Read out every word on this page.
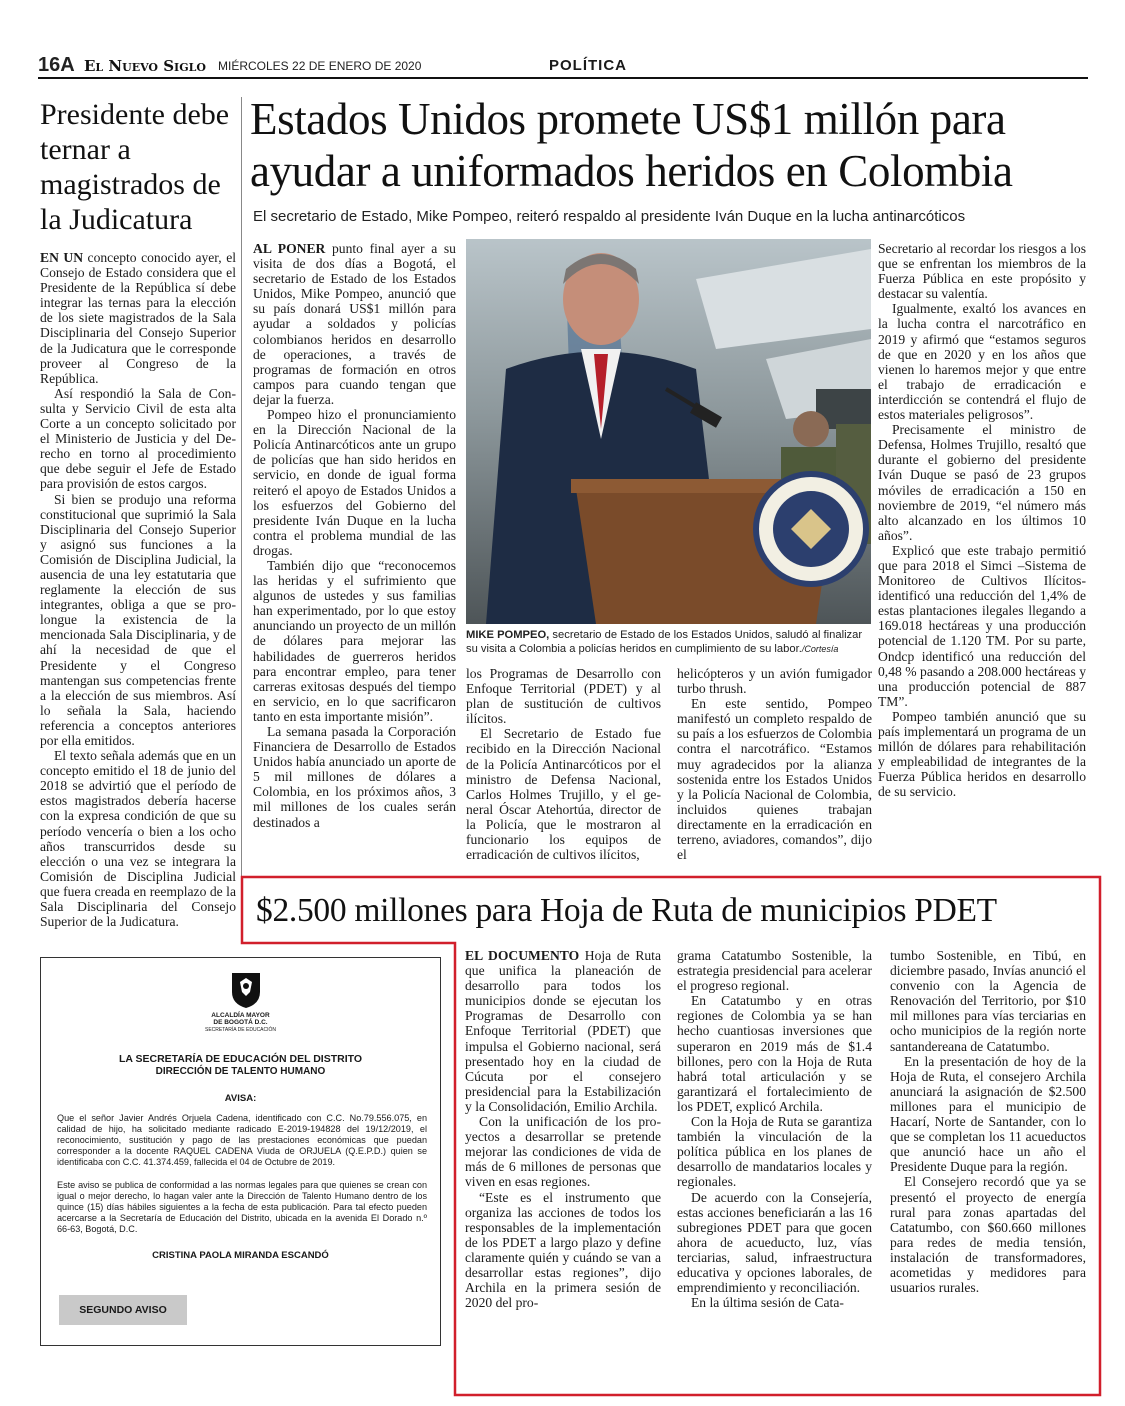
16A El Nuevo Siglo MIÉRCOLES 22 DE ENERO DE 2020	POLÍTICA
Presidente debe ternar a magistrados de la Judicatura

EN UN concepto conocido ayer, el Consejo de Estado considera que el Presidente de la República sí debe integrar las ternas para la elección de los siete magistrados de la Sala Disciplinaria del Consejo Superior de la Judicatura que le corresponde proveer al Congreso de la República.

Así respondió la Sala de Consulta y Servicio Civil de esta alta Corte a un concepto solicitado por el Ministerio de Justicia y del Derecho en torno al procedimiento que debe seguir el Jefe de Estado para provisión de estos cargos.

Si bien se produjo una reforma constitucional que suprimió la Sala Disciplinaria del Consejo Superior y asignó sus funciones a la Comisión de Disciplina Judicial, la ausencia de una ley estatutaria que reglamente la elección de sus integrantes, obliga a que se prolongue la existencia de la mencionada Sala Disciplinaria, y de ahí la necesidad de que el Presidente y el Congreso mantengan sus competencias frente a la elección de sus miembros. Así lo señala la Sala, haciendo referencia a conceptos anteriores por ella emitidos.

El texto señala además que en un concepto emitido el 18 de junio del 2018 se advirtió que el período de estos magistrados debería hacerse con la expresa condición de que su período vencería o bien a los ocho años transcurridos desde su elección o una vez se integrara la Comisión de Disciplina Judicial que fuera creada en reemplazo de la Sala Disciplinaria del Consejo Superior de la Judicatura.

Estados Unidos promete US$1 millón para
ayudar a uniformados heridos en Colombia
El secretario de Estado, Mike Pompeo, reiteró respaldo al presidente Iván Duque en la lucha antinarcóticos

AL PONER punto final ayer a su visita de dos días a Bogotá, el secretario de Estado de los Estados Unidos, Mike Pompeo, anunció que su país donará US$1 millón para ayudar a soldados y policías colombianos heridos en desarrollo de operaciones, a través de programas de formación en otros campos para cuando tengan que dejar la fuerza.

Pompeo hizo el pronunciamiento en la Dirección Nacional de la Policía Antinarcóticos ante un grupo de policías que han sido heridos en servicio, en donde de igual forma reiteró el apoyo de Estados Unidos a los esfuerzos del Gobierno del presidente Iván Duque en la lucha contra el problema mundial de las drogas.

También dijo que “reconocemos las heridas y el sufrimiento que algunos de ustedes y sus familias han experimentado, por lo que estoy anunciando un proyecto de un millón de dólares para mejorar las habilidades de guerreros heridos para encontrar empleo, para tener carreras exitosas después del tiempo en servicio, en lo que sacrificaron tanto en esta importante misión”.

La semana pasada la Corporación Financiera de Desarrollo de Estados Unidos había anunciado un aporte de 5 mil millones de dólares a Colombia, en los próximos años, 3 mil millones de los cuales serán destinados a

MIKE POMPEO, secretario de Estado de los Estados Unidos, saludó al finalizar su visita a Colombia a policías heridos en cumplimiento de su labor./Cortesía

los Programas de Desarrollo con Enfoque Territorial (PDET) y al plan de sustitución de cultivos ilícitos.

El Secretario de Estado fue recibido en la Dirección Nacional de la Policía Antinarcóticos por el ministro de Defensa Nacional, Carlos Holmes Trujillo, y el general Óscar Atehortúa, director de la Policía, que le mostraron al funcionario los equipos de erradicación de cultivos ilícitos,

helicópteros y un avión fumigador turbo thrush.

En este sentido, Pompeo manifestó un completo respaldo de su país a los esfuerzos de Colombia contra el narcotráfico. “Estamos muy agradecidos por la alianza sostenida entre los Estados Unidos y la Policía Nacional de Colombia, incluidos quienes trabajan directamente en la erradicación en terreno, aviadores, comandos”, dijo el

Secretario al recordar los riesgos a los que se enfrentan los miembros de la Fuerza Pública en este propósito y destacar su valentía.

Igualmente, exaltó los avances en la lucha contra el narcotráfico en 2019 y afirmó que “estamos seguros de que en 2020 y en los años que vienen lo haremos mejor y que entre el trabajo de erradicación e interdicción se contendrá el flujo de estos materiales peligrosos”.

Precisamente el ministro de Defensa, Holmes Trujillo, resaltó que durante el gobierno del presidente Iván Duque se pasó de 23 grupos móviles de erradicación a 150 en noviembre de 2019, “el número más alto alcanzado en los últimos 10 años”.

Explicó que este trabajo permitió que para 2018 el Simci –Sistema de Monitoreo de Cultivos Ilícitos- identificó una reducción del 1,4% de estas plantaciones ilegales llegando a 169.018 hectáreas y una producción potencial de 1.120 TM. Por su parte, Ondcp identificó una reducción del 0,48 % pasando a 208.000 hectáreas y una producción potencial de 887 TM”.

Pompeo también anunció que su país implementará un programa de un millón de dólares para rehabilitación y empleabilidad de integrantes de la Fuerza Pública heridos en desarrollo de su servicio.

$2.500 millones para Hoja de Ruta de municipios PDET

EL DOCUMENTO Hoja de Ruta que unifica la planeación de desarrollo para todos los municipios donde se ejecutan los Programas de Desarrollo con Enfoque Territorial (PDET) que impulsa el Gobierno nacional, será presentado hoy en la ciudad de Cúcuta por el consejero presidencial para la Estabilización y la Consolidación, Emilio Archila.

Con la unificación de los proyectos a desarrollar se pretende mejorar las condiciones de vida de más de 6 millones de personas que viven en esas regiones.

“Este es el instrumento que organiza las acciones de todos los responsables de la implementación de los PDET a largo plazo y define claramente quién y cuándo se van a desarrollar estas regiones”, dijo Archila en la primera sesión de 2020 del pro-

grama Catatumbo Sostenible, la estrategia presidencial para acelerar el progreso regional.

En Catatumbo y en otras regiones de Colombia ya se han hecho cuantiosas inversiones que superaron en 2019 más de $1.4 billones, pero con la Hoja de Ruta habrá total articulación y se garantizará el fortalecimiento de los PDET, explicó Archila.

Con la Hoja de Ruta se garantiza también la vinculación de la política pública en los planes de desarrollo de mandatarios locales y regionales.

De acuerdo con la Consejería, estas acciones beneficiarán a las 16 subregiones PDET para que gocen ahora de acueducto, luz, vías terciarias, salud, infraestructura educativa y opciones laborales, de emprendimiento y reconciliación.

En la última sesión de Cata-

tumbo Sostenible, en Tibú, en diciembre pasado, Invías anunció el convenio con la Agencia de Renovación del Territorio, por $10 mil millones para vías terciarias en ocho municipios de la región norte santandereana de Catatumbo.

En la presentación de hoy de la Hoja de Ruta, el consejero Archila anunciará la asignación de $2.500 millones para el municipio de Hacarí, Norte de Santander, con lo que se completan los 11 acueductos que anunció hace un año el Presidente Duque para la región.

El Consejero recordó que ya se presentó el proyecto de energía rural para zonas apartadas del Catatumbo, con $60.660 millones para redes de media tensión, instalación de transformadores, acometidas y medidores para usuarios rurales.

ALCALDÍA MAYOR
DE BOGOTÁ D.C.
SECRETARÍA DE EDUCACIÓN
LA SECRETARÍA DE EDUCACIÓN DEL DISTRITO
DIRECCIÓN DE TALENTO HUMANO
AVISA:
Que el señor Javier Andrés Orjuela Cadena, identificado con C.C. No.79.556.075, en calidad de hijo, ha solicitado mediante radicado E-2019-194828 del 19/12/2019, el reconocimiento, sustitución y pago de las prestaciones económicas que puedan corresponder a la docente RAQUEL CADENA Viuda de ORJUELA (Q.E.P.D.) quien se identificaba con C.C. 41.374.459, fallecida el 04 de Octubre de 2019.
Este aviso se publica de conformidad a las normas legales para que quienes se crean con igual o mejor derecho, lo hagan valer ante la Dirección de Talento Humano dentro de los quince (15) días hábiles siguientes a la fecha de esta publicación. Para tal efecto pueden acercarse a la Secretaría de Educación del Distrito, ubicada en la avenida El Dorado n.º 66-63, Bogotá, D.C.
CRISTINA PAOLA MIRANDA ESCANDÓ
SEGUNDO AVISO
